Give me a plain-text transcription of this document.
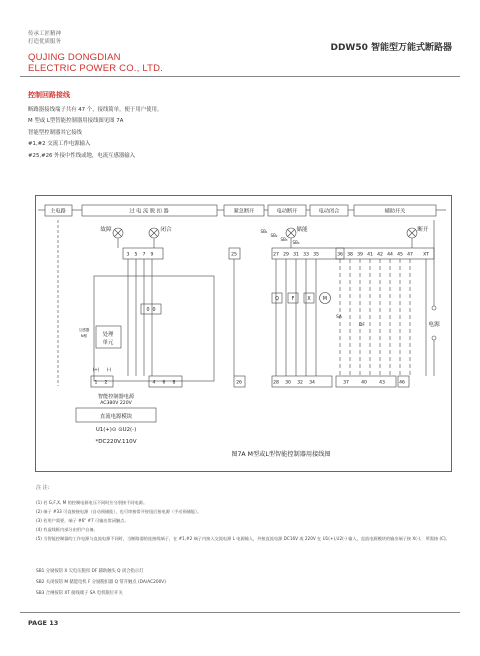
传承工匠精神
打造优质服务
QUJING DONGDIAN
ELECTRIC POWER CO., LTD.
DDW50 智能型万能式断路器
控制回路接线
断路器接线端子共有 47 个，接线简单，便于用户使用。
M 型或 L型智能控制器用接线图见图 7A
智能型控制器其它接线
#1,#2 交流工作电源输入
#25,#26 外接中性线或地，电流互感器输入
主电路	过 电 流 脱 扣 器	紧急断开	电动断开	电动闭合	辅助开关
故障	闭合	储能	断开
0 0
处理
单元
互感器
N相
SB₁
SB₂
SB₃
SB₄
Q	F	X	M
SA
DF	电源
(+) (-)
智能控制器电源
AC380V 220V
直流电源模块
U1(+)⊙ ⊙U2(-)
*DC220V.110V
图7A M型或L型智能控制器用接线图
3 5 7 9	25	27 29 31 33 35	36 38 39 41 42 44 45 47 XT
1 2	4 6 8	26	28 30 32 34	37	40	43	46
注 注:
(1) 若 G,F,X, M 的控制电源电压不同时应分别接不同电源。
(2) 端子 #33 可直接接电源（自动预储能），也可串接常开按钮后接电源（手动预储能）。
(3) 若用户需要，端子 #6" #7 可输出常闭触点。
(4) 有虚线框内部分由用户自备。
(5) 当智能控制器的工作电源与直流电源不同时，当断路器的连接线端子，在 #1,#2 端子内接入交流电源 L 电源输入，外接直流电源 DC16V 或 220V 在 U1(+),U2(-) 输入，直流电源模块的输出端子接 X(-)、 所需接 (C)。
SB1 分励按钮 X 欠电压脱扣 DF 辅助触头 Q 闭合指示灯
SB2 关闭按钮 M 储能电机 F 分励脱扣器 Q 常开触点 (DA/AC200V)
SB3 合闸按钮 XT 接线端子 SA 电机限位开关
PAGE 13
